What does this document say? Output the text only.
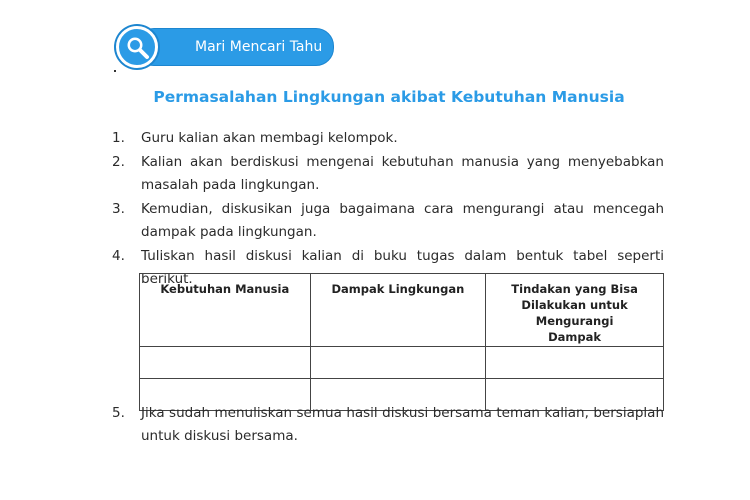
Mari Mencari Tahu
Permasalahan Lingkungan akibat Kebutuhan Manusia
1. Guru kalian akan membagi kelompok.
2. Kalian akan berdiskusi mengenai kebutuhan manusia yang menyebabkan masalah pada lingkungan.
3. Kemudian, diskusikan juga bagaimana cara mengurangi atau mencegah dampak pada lingkungan.
4. Tuliskan hasil diskusi kalian di buku tugas dalam bentuk tabel seperti berikut.
Kebutuhan Manusia	Dampak Lingkungan	Tindakan yang Bisa Dilakukan untuk Mengurangi Dampak

5. Jika sudah menuliskan semua hasil diskusi bersama teman kalian, bersiaplah untuk diskusi bersama.
